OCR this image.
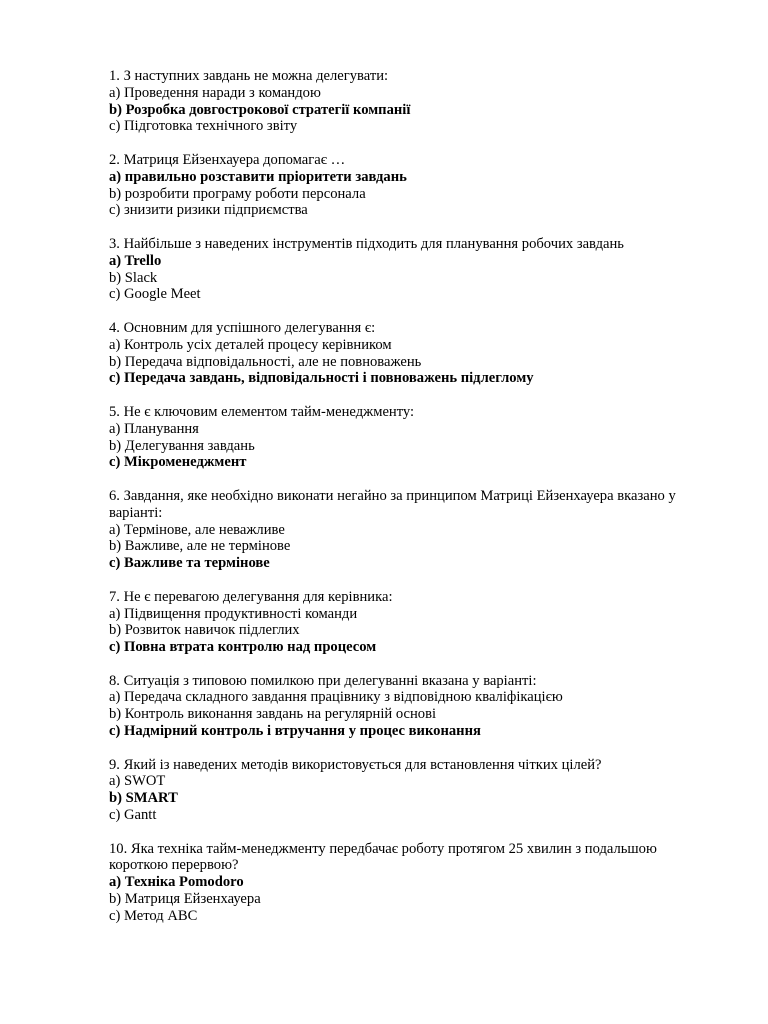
1. З наступних завдань не можна делегувати:

a) Проведення наради з командою

b) Розробка довгострокової стратегії компанії

c) Підготовка технічного звіту

2. Матриця Ейзенхауера допомагає …

a) правильно розставити пріоритети завдань

b) розробити програму роботи персонала

c) знизити ризики підприємства

3. Найбільше з наведених інструментів підходить для планування робочих завдань

a) Trello

b) Slack

c) Google Meet

4. Основним для успішного делегування є:

a) Контроль усіх деталей процесу керівником

b) Передача відповідальності, але не повноважень

c) Передача завдань, відповідальності і повноважень підлеглому

5. Не є ключовим елементом тайм-менеджменту:

a) Планування

b) Делегування завдань

c) Мікроменеджмент

6. Завдання, яке необхідно виконати негайно за принципом Матриці Ейзенхауера вказано у варіанті:

a) Термінове, але неважливе

b) Важливе, але не термінове

c) Важливе та термінове

7. Не є перевагою делегування для керівника:

a) Підвищення продуктивності команди

b) Розвиток навичок підлеглих

c) Повна втрата контролю над процесом

8. Ситуація з типовою помилкою при делегуванні вказана у варіанті:

a) Передача складного завдання працівнику з відповідною кваліфікацією

b) Контроль виконання завдань на регулярній основі

c) Надмірний контроль і втручання у процес виконання

9. Який із наведених методів використовується для встановлення чітких цілей?

a) SWOT

b) SMART

c) Gantt

10. Яка техніка тайм-менеджменту передбачає роботу протягом 25 хвилин з подальшою короткою перервою?

a) Техніка Pomodoro

b) Матриця Ейзенхауера

c) Метод АВС
